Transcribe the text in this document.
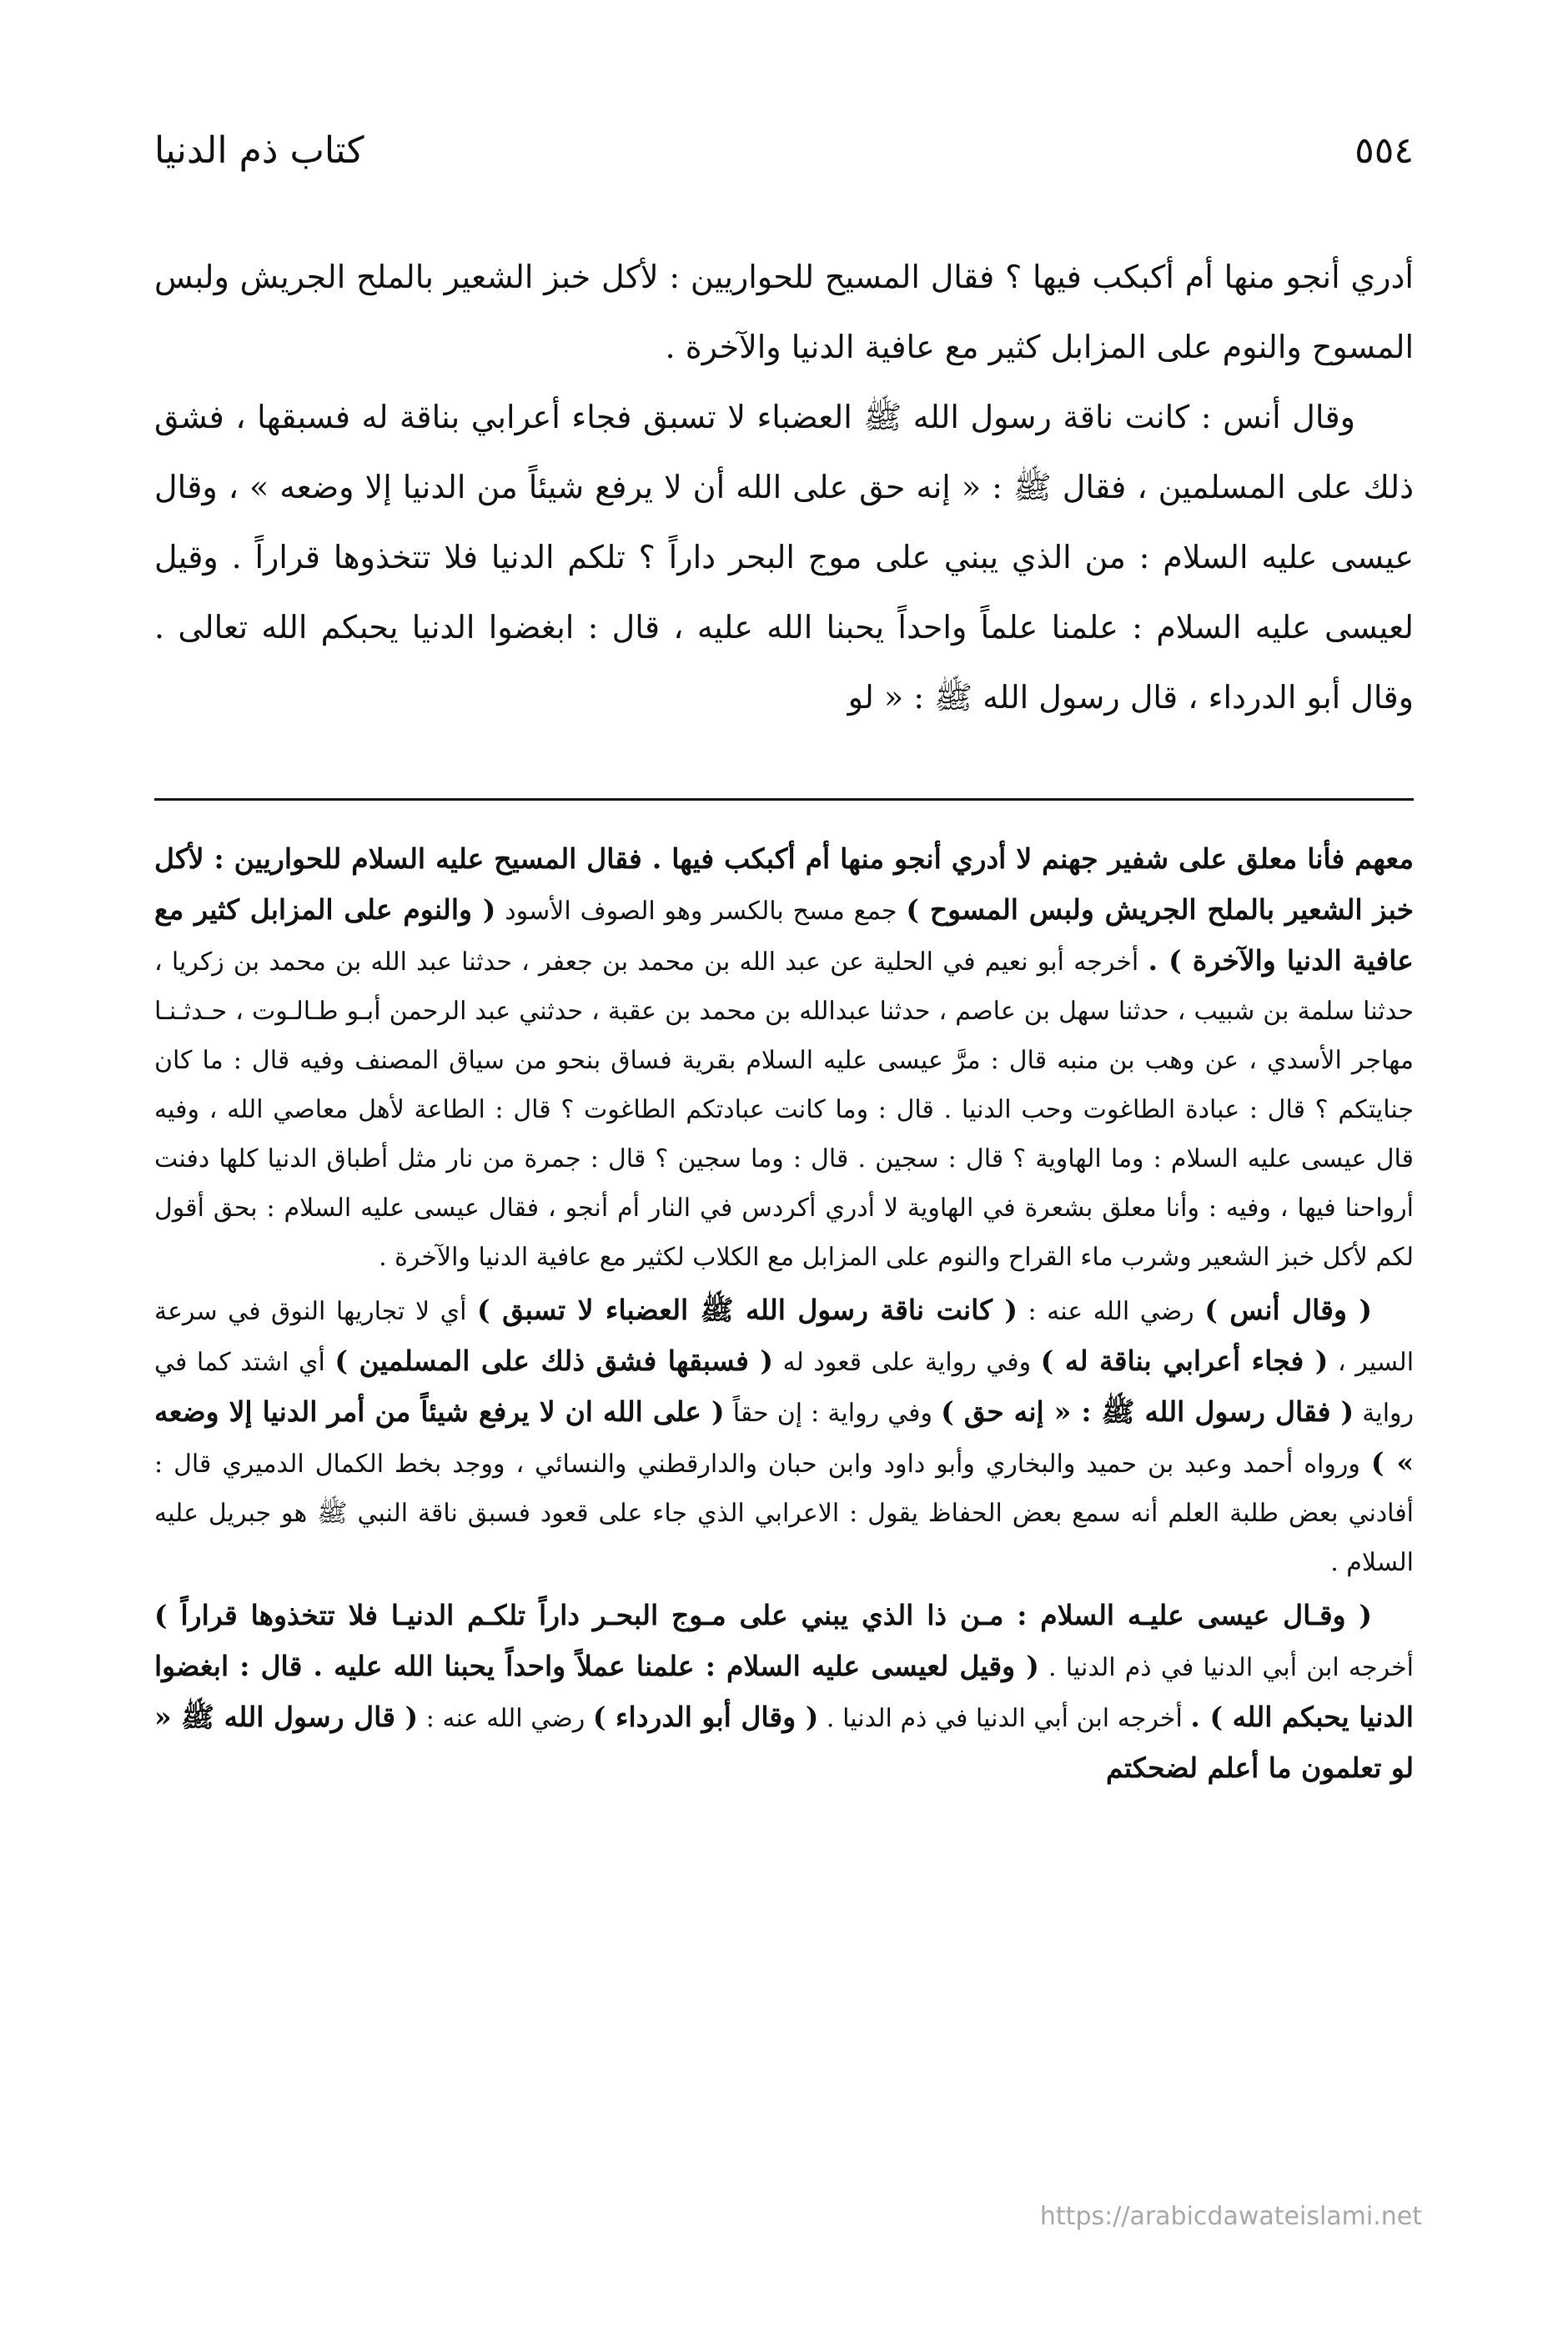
٥٥٤
كتاب ذم الدنيا

أدري أنجو منها أم أكبكب فيها ؟ فقال المسيح للحواريين : لأكل خبز الشعير بالملح الجريش ولبس المسوح والنوم على المزابل كثير مع عافية الدنيا والآخرة .

وقال أنس : كانت ناقة رسول الله ﷺ العضباء لا تسبق فجاء أعرابي بناقة له فسبقها ، فشق ذلك على المسلمين ، فقال ﷺ : « إنه حق على الله أن لا يرفع شيئاً من الدنيا إلا وضعه » ، وقال عيسى عليه السلام : من الذي يبني على موج البحر داراً ؟ تلكم الدنيا فلا تتخذوها قراراً . وقيل لعيسى عليه السلام : علمنا علماً واحداً يحبنا الله عليه ، قال : ابغضوا الدنيا يحبكم الله تعالى . وقال أبو الدرداء ، قال رسول الله ﷺ : « لو

معهم فأنا معلق على شفير جهنم لا أدري أنجو منها أم أكبكب فيها . فقال المسيح عليه السلام للحواريين : لأكل خبز الشعير بالملح الجريش ولبس المسوح ) جمع مسح بالكسر وهو الصوف الأسود ( والنوم على المزابل كثير مع عافية الدنيا والآخرة ) . أخرجه أبو نعيم في الحلية عن عبد الله بن محمد بن جعفر ، حدثنا عبد الله بن محمد بن زكريا ، حدثنا سلمة بن شبيب ، حدثنا سهل بن عاصم ، حدثنا عبدالله بن محمد بن عقبة ، حدثني عبد الرحمن أبـو طـالـوت ، حـدثـنـا مهاجر الأسدي ، عن وهب بن منبه قال : مرَّ عيسى عليه السلام بقرية فساق بنحو من سياق المصنف وفيه قال : ما كان جنايتكم ؟ قال : عبادة الطاغوت وحب الدنيا . قال : وما كانت عبادتكم الطاغوت ؟ قال : الطاعة لأهل معاصي الله ، وفيه قال عيسى عليه السلام : وما الهاوية ؟ قال : سجين . قال : وما سجين ؟ قال : جمرة من نار مثل أطباق الدنيا كلها دفنت أرواحنا فيها ، وفيه : وأنا معلق بشعرة في الهاوية لا أدري أكردس في النار أم أنجو ، فقال عيسى عليه السلام : بحق أقول لكم لأكل خبز الشعير وشرب ماء القراح والنوم على المزابل مع الكلاب لكثير مع عافية الدنيا والآخرة .

( وقال أنس ) رضي الله عنه : ( كانت ناقة رسول الله ﷺ العضباء لا تسبق ) أي لا تجاريها النوق في سرعة السير ، ( فجاء أعرابي بناقة له ) وفي رواية على قعود له ( فسبقها فشق ذلك على المسلمين ) أي اشتد كما في رواية ( فقال رسول الله ﷺ : « إنه حق ) وفي رواية : إن حقاً ( على الله ان لا يرفع شيئاً من أمر الدنيا إلا وضعه » ) ورواه أحمد وعبد بن حميد والبخاري وأبو داود وابن حبان والدارقطني والنسائي ، ووجد بخط الكمال الدميري قال : أفادني بعض طلبة العلم أنه سمع بعض الحفاظ يقول : الاعرابي الذي جاء على قعود فسبق ناقة النبي ﷺ هو جبريل عليه السلام .

( وقـال عيسى عليـه السلام : مـن ذا الذي يبني على مـوج البحـر داراً تلكـم الدنيـا فلا تتخذوها قراراً ) أخرجه ابن أبي الدنيا في ذم الدنيا . ( وقيل لعيسى عليه السلام : علمنا عملاً واحداً يحبنا الله عليه . قال : ابغضوا الدنيا يحبكم الله ) . أخرجه ابن أبي الدنيا في ذم الدنيا . ( وقال أبو الدرداء ) رضي الله عنه : ( قال رسول الله ﷺ « لو تعلمون ما أعلم لضحكتم

https://arabicdawateislami.net
